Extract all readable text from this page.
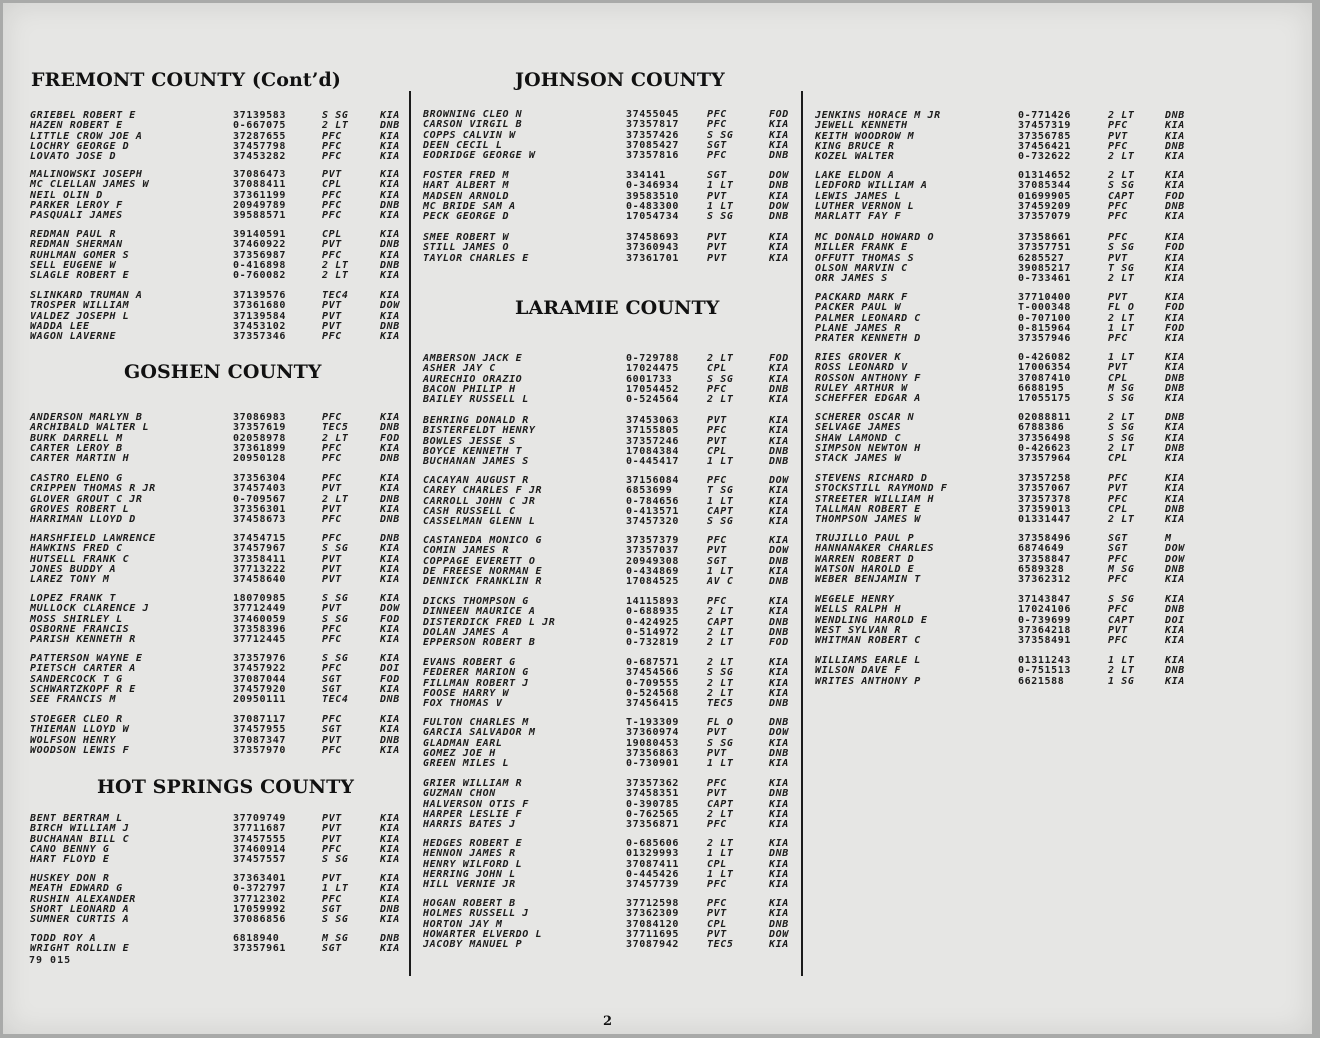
FREMONT COUNTY (Cont’d)
GRIEBEL ROBERT E	37139583	S SG	KIA
HAZEN ROBERT E	0-667075	2 LT	DNB
LITTLE CROW JOE A	37287655	PFC	KIA
LOCHRY GEORGE D	37457798	PFC	KIA
LOVATO JOSE D	37453282	PFC	KIA
MALINOWSKI JOSEPH	37086473	PVT	KIA
MC CLELLAN JAMES W	37088411	CPL	KIA
NEIL OLIN D	37361199	PFC	KIA
PARKER LEROY F	20949789	PFC	DNB
PASQUALI JAMES	39588571	PFC	KIA
REDMAN PAUL R	39140591	CPL	KIA
REDMAN SHERMAN	37460922	PVT	DNB
RUHLMAN GOMER S	37356987	PFC	KIA
SELL EUGENE W	0-416898	2 LT	DNB
SLAGLE ROBERT E	0-760082	2 LT	KIA
SLINKARD TRUMAN A	37139576	TEC4	KIA
TROSPER WILLIAM	37361680	PVT	DOW
VALDEZ JOSEPH L	37139584	PVT	KIA
WADDA LEE	37453102	PVT	DNB
WAGON LAVERNE	37357346	PFC	KIA
GOSHEN COUNTY
ANDERSON MARLYN B	37086983	PFC	KIA
ARCHIBALD WALTER L	37357619	TEC5	DNB
BURK DARRELL M	02058978	2 LT	FOD
CARTER LEROY B	37361899	PFC	KIA
CARTER MARTIN H	20950128	PFC	DNB
CASTRO ELENO G	37356304	PFC	KIA
CRIPPEN THOMAS R JR	37457403	PVT	KIA
GLOVER GROUT C JR	0-709567	2 LT	DNB
GROVES ROBERT L	37356301	PVT	KIA
HARRIMAN LLOYD D	37458673	PFC	DNB
HARSHFIELD LAWRENCE	37454715	PFC	DNB
HAWKINS FRED C	37457967	S SG	KIA
HUTSELL FRANK C	37358411	PVT	KIA
JONES BUDDY A	37713222	PVT	KIA
LAREZ TONY M	37458640	PVT	KIA
LOPEZ FRANK T	18070985	S SG	KIA
MULLOCK CLARENCE J	37712449	PVT	DOW
MOSS SHIRLEY L	37460059	S SG	FOD
OSBORNE FRANCIS	37358396	PFC	KIA
PARISH KENNETH R	37712445	PFC	KIA
PATTERSON WAYNE E	37357976	S SG	KIA
PIETSCH CARTER A	37457922	PFC	DOI
SANDERCOCK T G	37087044	SGT	FOD
SCHWARTZKOPF R E	37457920	SGT	KIA
SEE FRANCIS M	20950111	TEC4	DNB
STOEGER CLEO R	37087117	PFC	KIA
THIEMAN LLOYD W	37457955	SGT	KIA
WOLFSON HENRY	37087347	PVT	DNB
WOODSON LEWIS F	37357970	PFC	KIA
HOT SPRINGS COUNTY
BENT BERTRAM L	37709749	PVT	KIA
BIRCH WILLIAM J	37711687	PVT	KIA
BUCHANAN BILL C	37457555	PVT	KIA
CANO BENNY G	37460914	PFC	KIA
HART FLOYD E	37457557	S SG	KIA
HUSKEY DON R	37363401	PVT	KIA
MEATH EDWARD G	0-372797	1 LT	KIA
RUSHIN ALEXANDER	37712302	PFC	KIA
SHORT LEONARD A	17059992	SGT	DNB
SUMNER CURTIS A	37086856	S SG	KIA
TODD ROY A	6818940	M SG	DNB
WRIGHT ROLLIN E	37357961	SGT	KIA
JOHNSON COUNTY
BROWNING CLEO N	37455045	PFC	FOD
CARSON VIRGIL B	37357817	PFC	KIA
COPPS CALVIN W	37357426	S SG	KIA
DEEN CECIL L	37085427	SGT	KIA
EODRIDGE GEORGE W	37357816	PFC	DNB
FOSTER FRED M	334141	SGT	DOW
HART ALBERT M	0-346934	1 LT	DNB
MADSEN ARNOLD	39583510	PVT	KIA
MC BRIDE SAM A	0-483300	1 LT	DOW
PECK GEORGE D	17054734	S SG	DNB
SMEE ROBERT W	37458693	PVT	KIA
STILL JAMES O	37360943	PVT	KIA
TAYLOR CHARLES E	37361701	PVT	KIA
LARAMIE COUNTY
AMBERSON JACK E	0-729788	2 LT	FOD
ASHER JAY C	17024475	CPL	KIA
AURECHIO ORAZIO	6001733	S SG	KIA
BACON PHILIP H	17054452	PFC	DNB
BAILEY RUSSELL L	0-524564	2 LT	KIA
BEHRING DONALD R	37453063	PVT	KIA
BISTERFELDT HENRY	37155805	PFC	KIA
BOWLES JESSE S	37357246	PVT	KIA
BOYCE KENNETH T	17084384	CPL	DNB
BUCHANAN JAMES S	0-445417	1 LT	DNB
CACAYAN AUGUST R	37156084	PFC	DOW
CAREY CHARLES F JR	6853699	T SG	KIA
CARROLL JOHN C JR	0-784656	1 LT	KIA
CASH RUSSELL C	0-413571	CAPT	KIA
CASSELMAN GLENN L	37457320	S SG	KIA
CASTANEDA MONICO G	37357379	PFC	KIA
COMIN JAMES R	37357037	PVT	DOW
COPPAGE EVERETT O	20949308	SGT	DNB
DE FREESE NORMAN E	0-434869	1 LT	KIA
DENNICK FRANKLIN R	17084525	AV C	DNB
DICKS THOMPSON G	14115893	PFC	KIA
DINNEEN MAURICE A	0-688935	2 LT	KIA
DISTERDICK FRED L JR	0-424925	CAPT	DNB
DOLAN JAMES A	0-514972	2 LT	DNB
EPPERSON ROBERT B	0-732819	2 LT	FOD
EVANS ROBERT G	0-687571	2 LT	KIA
FEDERER MARION G	37454566	S SG	KIA
FILLMAN ROBERT J	0-709555	2 LT	KIA
FOOSE HARRY W	0-524568	2 LT	KIA
FOX THOMAS V	37456415	TEC5	DNB
FULTON CHARLES M	T-193309	FL O	DNB
GARCIA SALVADOR M	37360974	PVT	DOW
GLADMAN EARL	19080453	S SG	KIA
GOMEZ JOE H	37356863	PVT	DNB
GREEN MILES L	0-730901	1 LT	KIA
GRIER WILLIAM R	37357362	PFC	KIA
GUZMAN CHON	37458351	PVT	DNB
HALVERSON OTIS F	0-390785	CAPT	KIA
HARPER LESLIE F	0-762565	2 LT	KIA
HARRIS BATES J	37356871	PFC	KIA
HEDGES ROBERT E	0-685606	2 LT	KIA
HENNON JAMES R	01329993	1 LT	DNB
HENRY WILFORD L	37087411	CPL	KIA
HERRING JOHN L	0-445426	1 LT	KIA
HILL VERNIE JR	37457739	PFC	KIA
HOGAN ROBERT B	37712598	PFC	KIA
HOLMES RUSSELL J	37362309	PVT	KIA
HORTON JAY M	37084120	CPL	DNB
HOWARTER ELVERDO L	37711695	PVT	DOW
JACOBY MANUEL P	37087942	TEC5	KIA
JENKINS HORACE M JR	0-771426	2 LT	DNB
JEWELL KENNETH	37457319	PFC	KIA
KEITH WOODROW M	37356785	PVT	KIA
KING BRUCE R	37456421	PFC	DNB
KOZEL WALTER	0-732622	2 LT	KIA
LAKE ELDON A	01314652	2 LT	KIA
LEDFORD WILLIAM A	37085344	S SG	KIA
LEWIS JAMES L	01699905	CAPT	FOD
LUTHER VERNON L	37459209	PFC	DNB
MARLATT FAY F	37357079	PFC	KIA
MC DONALD HOWARD O	37358661	PFC	KIA
MILLER FRANK E	37357751	S SG	FOD
OFFUTT THOMAS S	6285527	PVT	KIA
OLSON MARVIN C	39085217	T SG	KIA
ORR JAMES S	0-733461	2 LT	KIA
PACKARD MARK F	37710400	PVT	KIA
PACKER PAUL W	T-000348	FL O	FOD
PALMER LEONARD C	0-707100	2 LT	KIA
PLANE JAMES R	0-815964	1 LT	FOD
PRATER KENNETH D	37357946	PFC	KIA
RIES GROVER K	0-426082	1 LT	KIA
ROSS LEONARD V	17006354	PVT	KIA
ROSSON ANTHONY F	37087410	CPL	DNB
RULEY ARTHUR W	6688195	M SG	DNB
SCHEFFER EDGAR A	17055175	S SG	KIA
SCHERER OSCAR N	02088811	2 LT	DNB
SELVAGE JAMES	6788386	S SG	KIA
SHAW LAMOND C	37356498	S SG	KIA
SIMPSON NEWTON H	0-426623	2 LT	DNB
STACK JAMES W	37357964	CPL	KIA
STEVENS RICHARD D	37357258	PFC	KIA
STOCKSTILL RAYMOND F	37357067	PVT	KIA
STREETER WILLIAM H	37357378	PFC	KIA
TALLMAN ROBERT E	37359013	CPL	DNB
THOMPSON JAMES W	01331447	2 LT	KIA
TRUJILLO PAUL P	37358496	SGT	M
HANNANAKER CHARLES	6874649	SGT	DOW
WARREN ROBERT D	37358847	PFC	DOW
WATSON HAROLD E	6589328	M SG	DNB
WEBER BENJAMIN T	37362312	PFC	KIA
WEGELE HENRY	37143847	S SG	KIA
WELLS RALPH H	17024106	PFC	DNB
WENDLING HAROLD E	0-739699	CAPT	DOI
WEST SYLVAN R	37364218	PVT	KIA
WHITMAN ROBERT C	37358491	PFC	KIA
WILLIAMS EARLE L	01311243	1 LT	KIA
WILSON DAVE F	0-751513	2 LT	DNB
WRITES ANTHONY P	6621588	1 SG	KIA
79 015
2
